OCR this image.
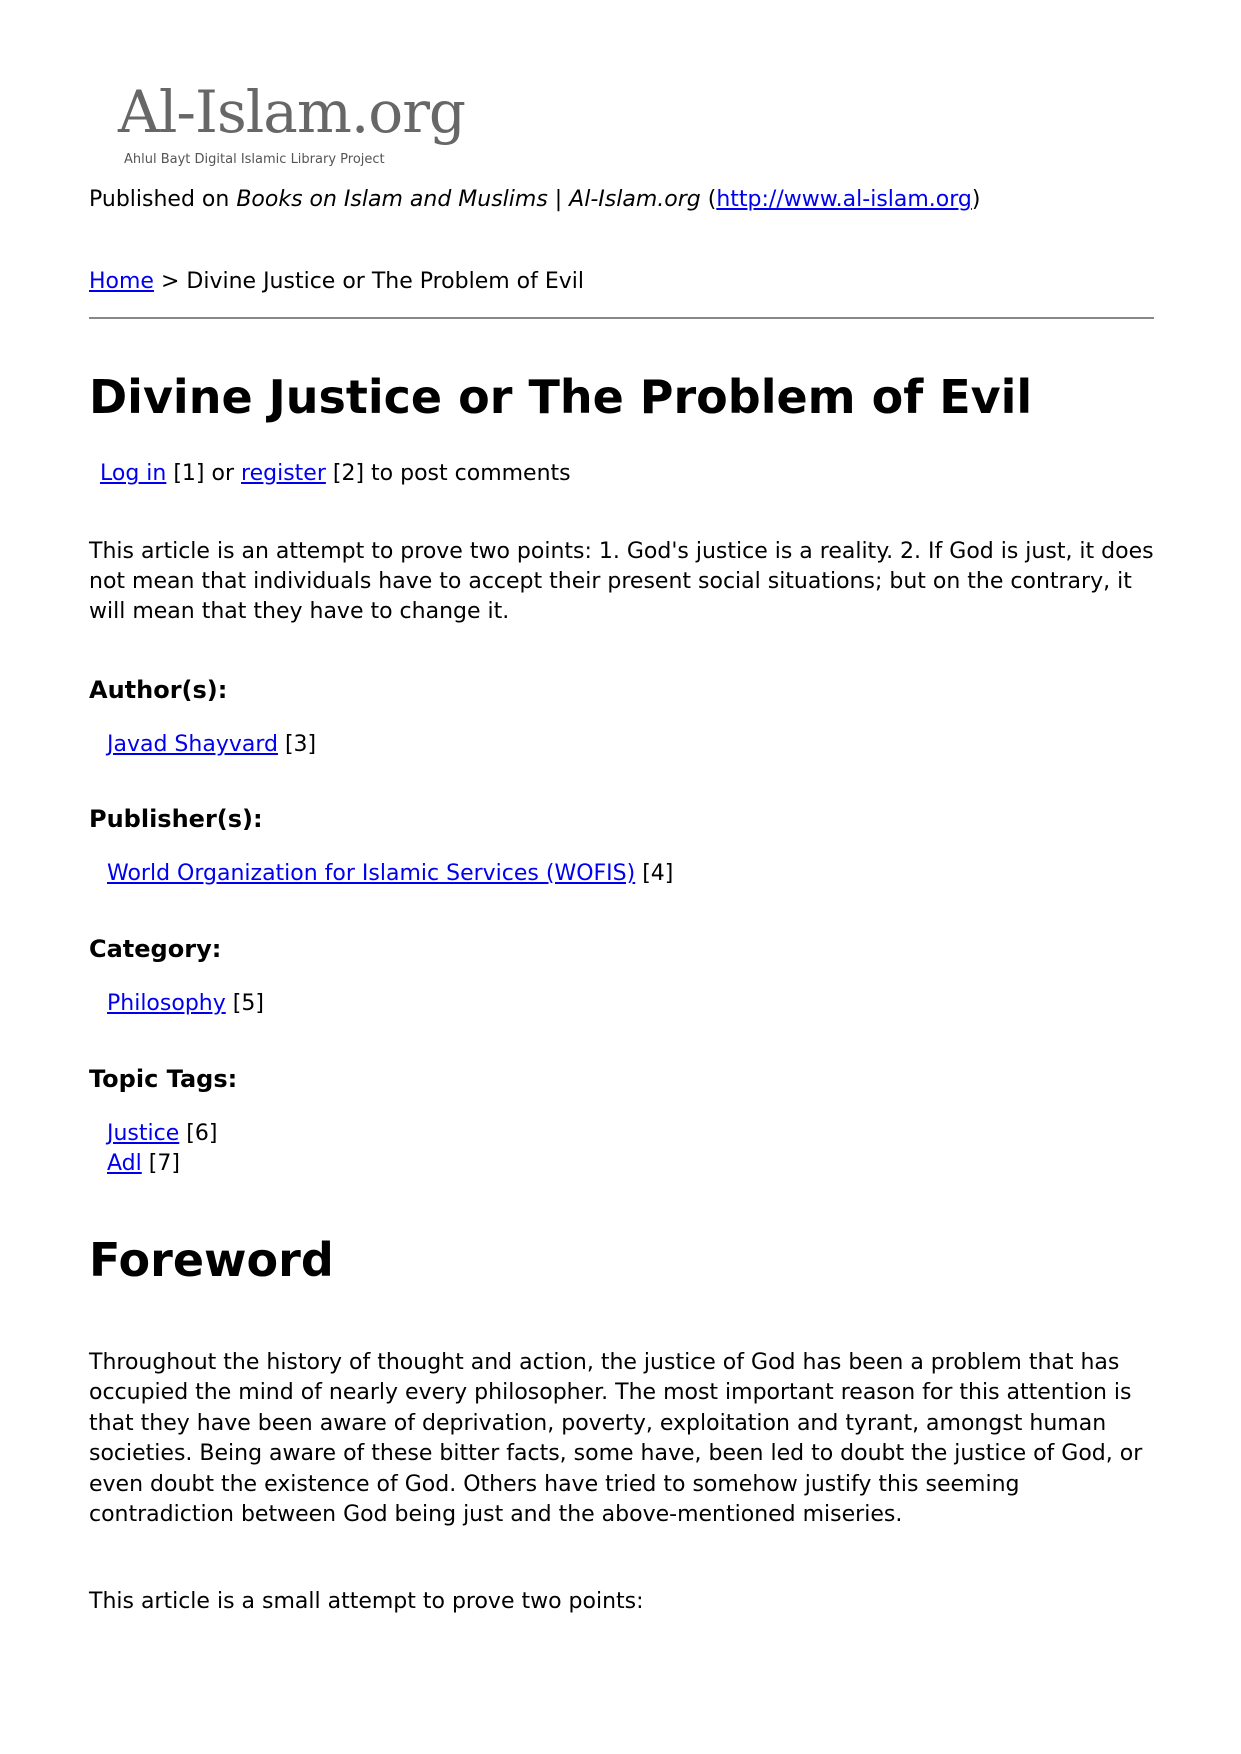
Al-Islam.org
Ahlul Bayt Digital Islamic Library Project
Published on Books on Islam and Muslims | Al-Islam.org (http://www.al-islam.org)
Home > Divine Justice or The Problem of Evil
Divine Justice or The Problem of Evil
Log in [1] or register [2] to post comments

This article is an attempt to prove two points: 1. God's justice is a reality. 2. If God is just, it does not mean that individuals have to accept their present social situations; but on the contrary, it will mean that they have to change it.

Author(s):
Javad Shayvard [3]
Publisher(s):
World Organization for Islamic Services (WOFIS) [4]
Category:
Philosophy [5]
Topic Tags:
Justice [6]
Adl [7]
Foreword

Throughout the history of thought and action, the justice of God has been a problem that has occupied the mind of nearly every philosopher. The most important reason for this attention is that they have been aware of deprivation, poverty, exploitation and tyrant, amongst human societies. Being aware of these bitter facts, some have, been led to doubt the justice of God, or even doubt the existence of God. Others have tried to somehow justify this seeming contradiction between God being just and the above-mentioned miseries.

This article is a small attempt to prove two points:
